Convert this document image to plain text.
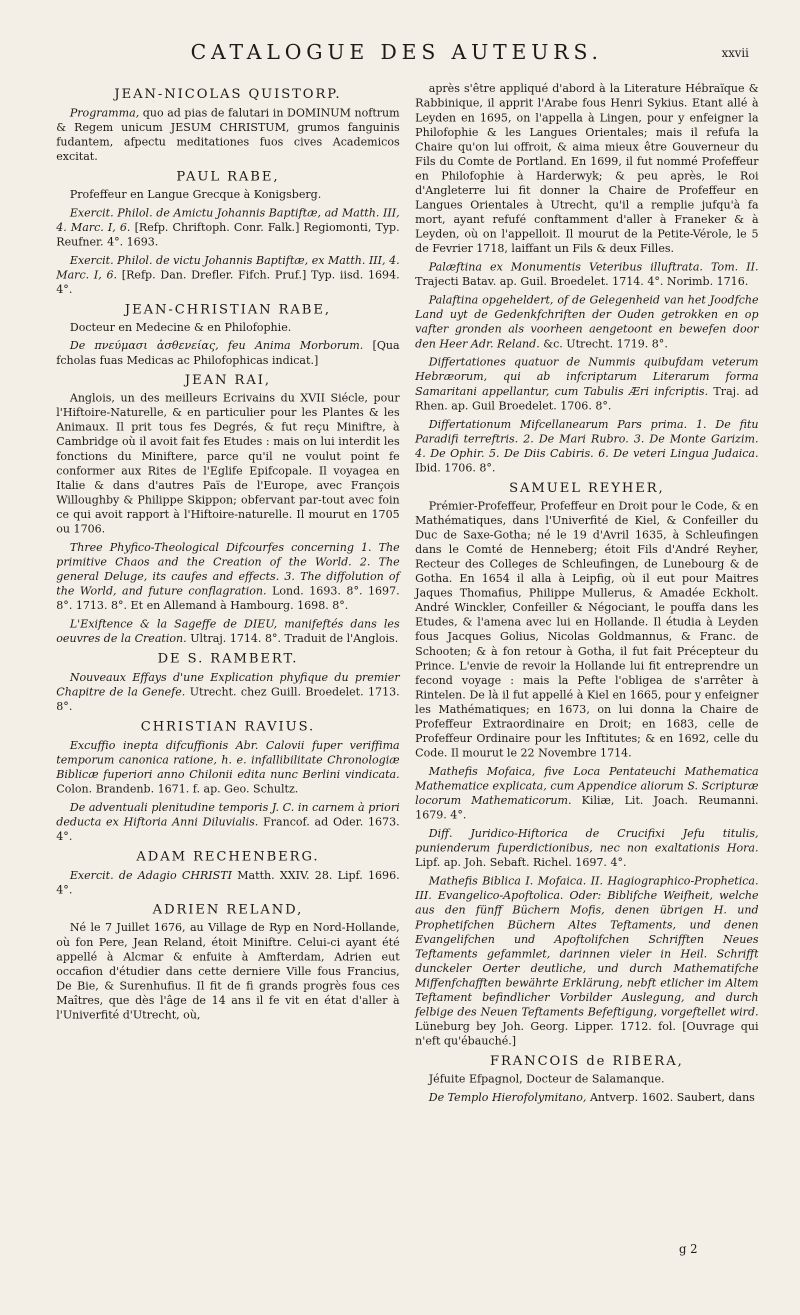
CATALOGUE DES AUTEURS.	xxvii
JEAN-NICOLAS QUISTORP.

Programma, quo ad pias de falutari in DOMINUM noftrum & Regem unicum JESUM CHRISTUM, grumos fanguinis fudantem, afpectu meditationes fuos cives Academicos excitat.

PAUL RABE,

Profeffeur en Langue Grecque à Konigsberg.

Exercit. Philol. de Amictu Johannis Baptiftæ, ad Matth. III, 4. Marc. I, 6. [Refp. Chriftoph. Conr. Falk.] Regiomonti, Typ. Reufner. 4°. 1693.

Exercit. Philol. de victu Johannis Baptiftæ, ex Matth. III, 4. Marc. I, 6. [Refp. Dan. Drefler. Fifch. Pruf.] Typ. iisd. 1694. 4°.

JEAN-CHRISTIAN RABE,

Docteur en Medecine & en Philofophie.

De πνεύμασι ἀσθενείας, feu Anima Morborum. [Qua fcholas fuas Medicas ac Philofophicas indicat.]

JEAN RAI,

Anglois, un des meilleurs Ecrivains du XVII Siécle, pour l'Hiftoire-Naturelle, & en particulier pour les Plantes & les Animaux. Il prit tous fes Degrés, & fut reçu Miniftre, à Cambridge où il avoit fait fes Etudes : mais on lui interdit les fonctions du Miniftere, parce qu'il ne voulut point fe conformer aux Rites de l'Eglife Epifcopale. Il voyagea en Italie & dans d'autres Païs de l'Europe, avec François Willoughby & Philippe Skippon; obfervant par-tout avec foin ce qui avoit rapport à l'Hiftoire-naturelle. Il mourut en 1705 ou 1706.

Three Phyfico-Theological Difcourfes concerning 1. The primitive Chaos and the Creation of the World. 2. The general Deluge, its caufes and effects. 3. The diffolution of the World, and future conflagration. Lond. 1693. 8°. 1697. 8°. 1713. 8°. Et en Allemand à Hambourg. 1698. 8°.

L'Exiftence & la Sageffe de DIEU, manifeftés dans les oeuvres de la Creation. Ultraj. 1714. 8°. Traduit de l'Anglois.

DE S. RAMBERT.

Nouveaux Effays d'une Explication phyfique du premier Chapitre de la Genefe. Utrecht. chez Guill. Broedelet. 1713. 8°.

CHRISTIAN RAVIUS.

Excuffio inepta difcuffionis Abr. Calovii fuper veriffima temporum canonica ratione, h. e. infallibilitate Chronologiæ Biblicæ fuperiori anno Chilonii edita nunc Berlini vindicata. Colon. Brandenb. 1671. f. ap. Geo. Schultz.

De adventuali plenitudine temporis J. C. in carnem à priori deducta ex Hiftoria Anni Diluvialis. Francof. ad Oder. 1673. 4°.

ADAM RECHENBERG.

Exercit. de Adagio CHRISTI Matth. XXIV. 28. Lipf. 1696. 4°.

ADRIEN RELAND,

Né le 7 Juillet 1676, au Village de Ryp en Nord-Hollande, où fon Pere, Jean Reland, étoit Miniftre. Celui-ci ayant été appellé à Alcmar & enfuite à Amfterdam, Adrien eut occafion d'étudier dans cette derniere Ville fous Francius, De Bie, & Surenhufius. Il fit de fi grands progrès fous ces Maîtres, que dès l'âge de 14 ans il fe vit en état d'aller à l'Univerfité d'Utrecht, où,

après s'être appliqué d'abord à la Literature Hébraïque & Rabbinique, il apprit l'Arabe fous Henri Sykius. Etant allé à Leyden en 1695, on l'appella à Lingen, pour y enfeigner la Philofophie & les Langues Orientales; mais il refufa la Chaire qu'on lui offroit, & aima mieux être Gouverneur du Fils du Comte de Portland. En 1699, il fut nommé Profeffeur en Philofophie à Harderwyk; & peu après, le Roi d'Angleterre lui fit donner la Chaire de Profeffeur en Langues Orientales à Utrecht, qu'il a remplie jufqu'à fa mort, ayant refufé conftamment d'aller à Franeker & à Leyden, où on l'appelloit. Il mourut de la Petite-Vérole, le 5 de Fevrier 1718, laiffant un Fils & deux Filles.

Palæftina ex Monumentis Veteribus illuftrata. Tom. II. Trajecti Batav. ap. Guil. Broedelet. 1714. 4°. Norimb. 1716.

Palaftina opgeheldert, of de Gelegenheid van het Joodfche Land uyt de Gedenkfchriften der Ouden getrokken en op vafter gronden als voorheen aengetoont en bewefen door den Heer Adr. Reland. &c. Utrecht. 1719. 8°.

Differtationes quatuor de Nummis quibufdam veterum Hebræorum, qui ab infcriptarum Literarum forma Samaritani appellantur, cum Tabulis Æri infcriptis. Traj. ad Rhen. ap. Guil Broedelet. 1706. 8°.

Differtationum Mifcellanearum Pars prima. 1. De fitu Paradifi terreftris. 2. De Mari Rubro. 3. De Monte Garizim. 4. De Ophir. 5. De Diis Cabiris. 6. De veteri Lingua Judaica. Ibid. 1706. 8°.

SAMUEL REYHER,

Prémier-Profeffeur, Profeffeur en Droit pour le Code, & en Mathématiques, dans l'Univerfité de Kiel, & Confeiller du Duc de Saxe-Gotha; né le 19 d'Avril 1635, à Schleufingen dans le Comté de Henneberg; étoit Fils d'André Reyher, Recteur des Colleges de Schleufingen, de Lunebourg & de Gotha. En 1654 il alla à Leipfig, où il eut pour Maitres Jaques Thomafius, Philippe Mullerus, & Amadée Eckholt. André Winckler, Confeiller & Négociant, le pouffa dans les Etudes, & l'amena avec lui en Hollande. Il étudia à Leyden fous Jacques Golius, Nicolas Goldmannus, & Franc. de Schooten; & à fon retour à Gotha, il fut fait Précepteur du Prince. L'envie de revoir la Hollande lui fit entreprendre un fecond voyage : mais la Pefte l'obligea de s'arrêter à Rintelen. De là il fut appellé à Kiel en 1665, pour y enfeigner les Mathématiques; en 1673, on lui donna la Chaire de Profeffeur Extraordinaire en Droit; en 1683, celle de Profeffeur Ordinaire pour les Inftitutes; & en 1692, celle du Code. Il mourut le 22 Novembre 1714.

Mathefis Mofaica, five Loca Pentateuchi Mathematica Mathematice explicata, cum Appendice aliorum S. Scripturæ locorum Mathematicorum. Kiliæ, Lit. Joach. Reumanni. 1679. 4°.

Diff. Juridico-Hiftorica de Crucifixi Jefu titulis, punienderum fuperdictionibus, nec non exaltationis Hora. Lipf. ap. Joh. Sebaft. Richel. 1697. 4°.

Mathefis Biblica I. Mofaica. II. Hagiographico-Prophetica. III. Evangelico-Apoftolica. Oder: Biblifche Weifheit, welche aus den fünff Büchern Mofis, denen übrigen H. und Prophetifchen Büchern Altes Teftaments, und denen Evangelifchen und Apoftolifchen Schrifften Neues Teftaments gefammlet, darinnen vieler in Heil. Schrifft dunckeler Oerter deutliche, und durch Mathematifche Miffenfchafften bewährte Erklärung, nebft etlicher im Altem Teftament befindlicher Vorbilder Auslegung, and durch felbige des Neuen Teftaments Befeftigung, vorgeftellet wird. Lüneburg bey Joh. Georg. Lipper. 1712. fol. [Ouvrage qui n'eft qu'ébauché.]

FRANCOIS de RIBERA,

Jéfuite Efpagnol, Docteur de Salamanque.

De Templo Hierofolymitano, Antverp. 1602. Saubert, dans

g 2
